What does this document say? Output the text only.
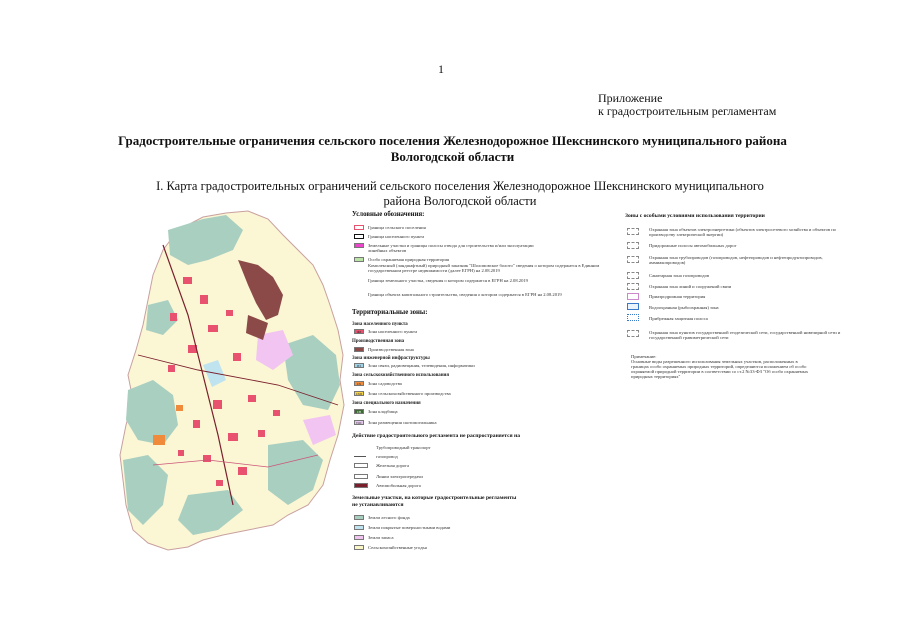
1
Приложение
к градостроительным регламентам
Градостроительные ограничения сельского поселения Железнодорожное Шекснинского муниципального района
Вологодской области
I. Карта градостроительных ограничений сельского поселения Железнодорожное Шекснинского муниципального
района Вологодской области
Условные обозначения:
Граница сельского поселения
Граница населенного пункта
Земельные участки и границы полосы отвода для строительства и/или эксплуатации линейных объектов
Особо охраняемая природная территория
Комплексный (ландшафтный) природный заказник "Шоломовское болото" сведения о котором содержатся в Единном государственном реестре недвижимости (далее ЕГРН) на 2.08.2019
Граница земельного участка, сведения о котором содержатся в ЕГРН на 2.08.2019
Граница объекта капитального строительства, сведения о котором содержатся в ЕГРН на 2.08.2019
Территориальные зоны:
Зона населенного пункта
ЖЗ	Зона населенного пункта
Производственная зона
Производственная зона
Зона инженерной инфраструктуры
ИЗ	Зона связи, радиовещания, телевидения, информатики
Зона сельскохозяйственного использования
СХ	Зона садоводства
СХП	Зона сельскохозяйственного производства
Зона специального назначения
СН	Зона кладбища
ТОС	Зона размещения скотомогильника
Действие градостроительного регламента не распространяется на
Трубопроводный транспорт
газопровод
Железная дорога
Линии электропередачи
Автомобильная дорога
Земельные участки, на которые градостроительные регламенты
не устанавливаются
Земли лесного фонда
Земли покрытые поверхностными водами
Земли запаса
Сельскохозяйственные угодья
Зоны с особыми условиями использования территории
Охранная зона объектов электроэнергетики (объектов электросетевого хозяйства и объектов по производству электрической энергии)
Придорожные полосы автомобильных дорог
Охранная зона трубопроводов (газопроводов, нефтепроводов и нефтепродуктопроводов, аммиакопроводов)
Санитарная зона газопроводов
Охранная зона линий и сооружений связи
Приаэродромная территория
Водоохранная (рыбоохранная) зона
Прибрежная защитная полоса
Охранная зона пунктов государственной геодезической сети, государственной нивелирной сети и государственной гравиметрической сети
Примечание:
Основные виды разрешенного использования земельных участков, расположенных в границах особо охраняемых природных территорий, определяются положением об особо охраняемой природной территории в соответствии со ст.2 №33-ФЗ "Об особо охраняемых природных территориях"
